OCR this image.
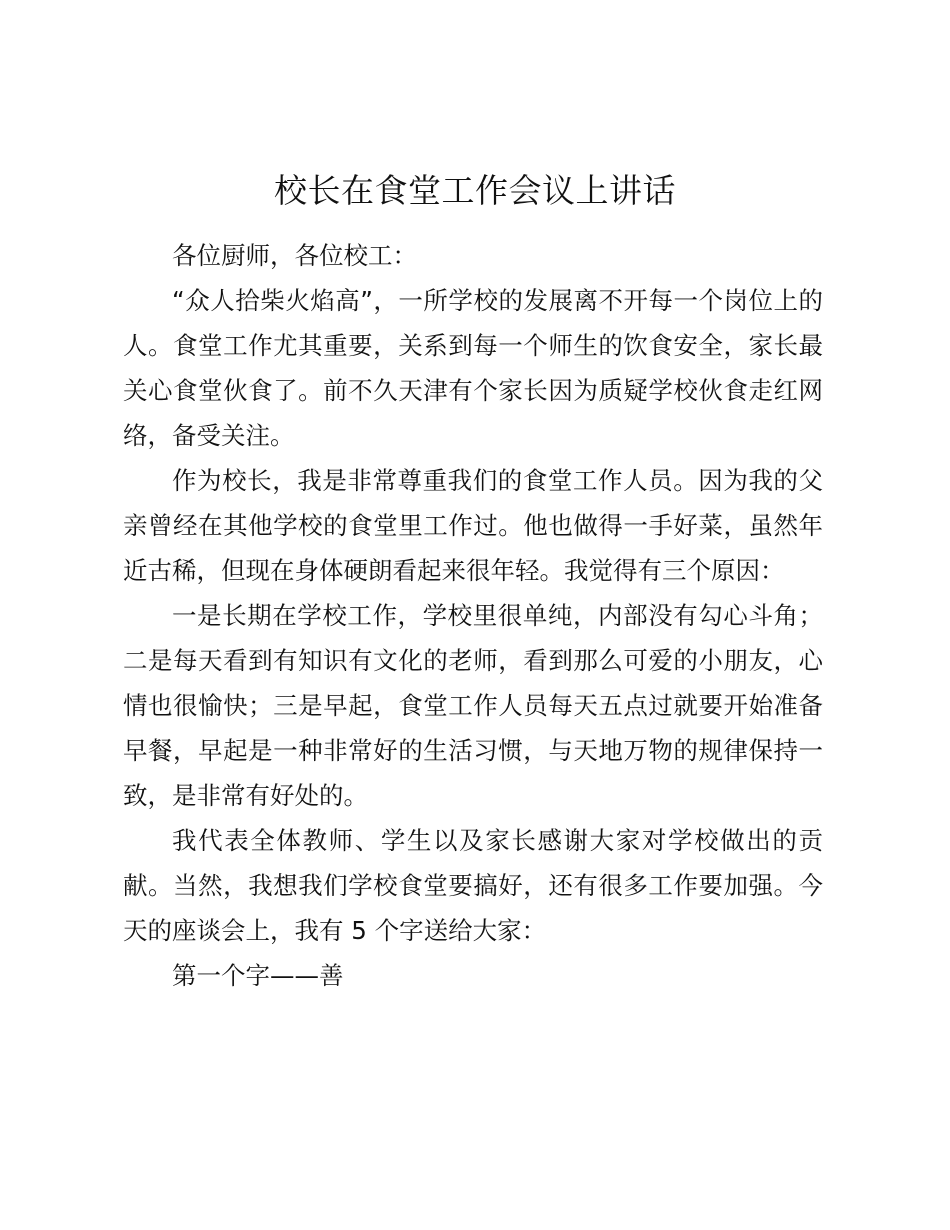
校长在食堂工作会议上讲话

各位厨师，各位校工：

“众人拾柴火焰高”，一所学校的发展离不开每一个岗位上的人。食堂工作尤其重要，关系到每一个师生的饮食安全，家长最关心食堂伙食了。前不久天津有个家长因为质疑学校伙食走红网络，备受关注。

作为校长，我是非常尊重我们的食堂工作人员。因为我的父亲曾经在其他学校的食堂里工作过。他也做得一手好菜，虽然年近古稀，但现在身体硬朗看起来很年轻。我觉得有三个原因：

一是长期在学校工作，学校里很单纯，内部没有勾心斗角；二是每天看到有知识有文化的老师，看到那么可爱的小朋友，心情也很愉快；三是早起，食堂工作人员每天五点过就要开始准备早餐，早起是一种非常好的生活习惯，与天地万物的规律保持一致，是非常有好处的。

我代表全体教师、学生以及家长感谢大家对学校做出的贡献。当然，我想我们学校食堂要搞好，还有很多工作要加强。今天的座谈会上，我有 5 个字送给大家：

第一个字——善
